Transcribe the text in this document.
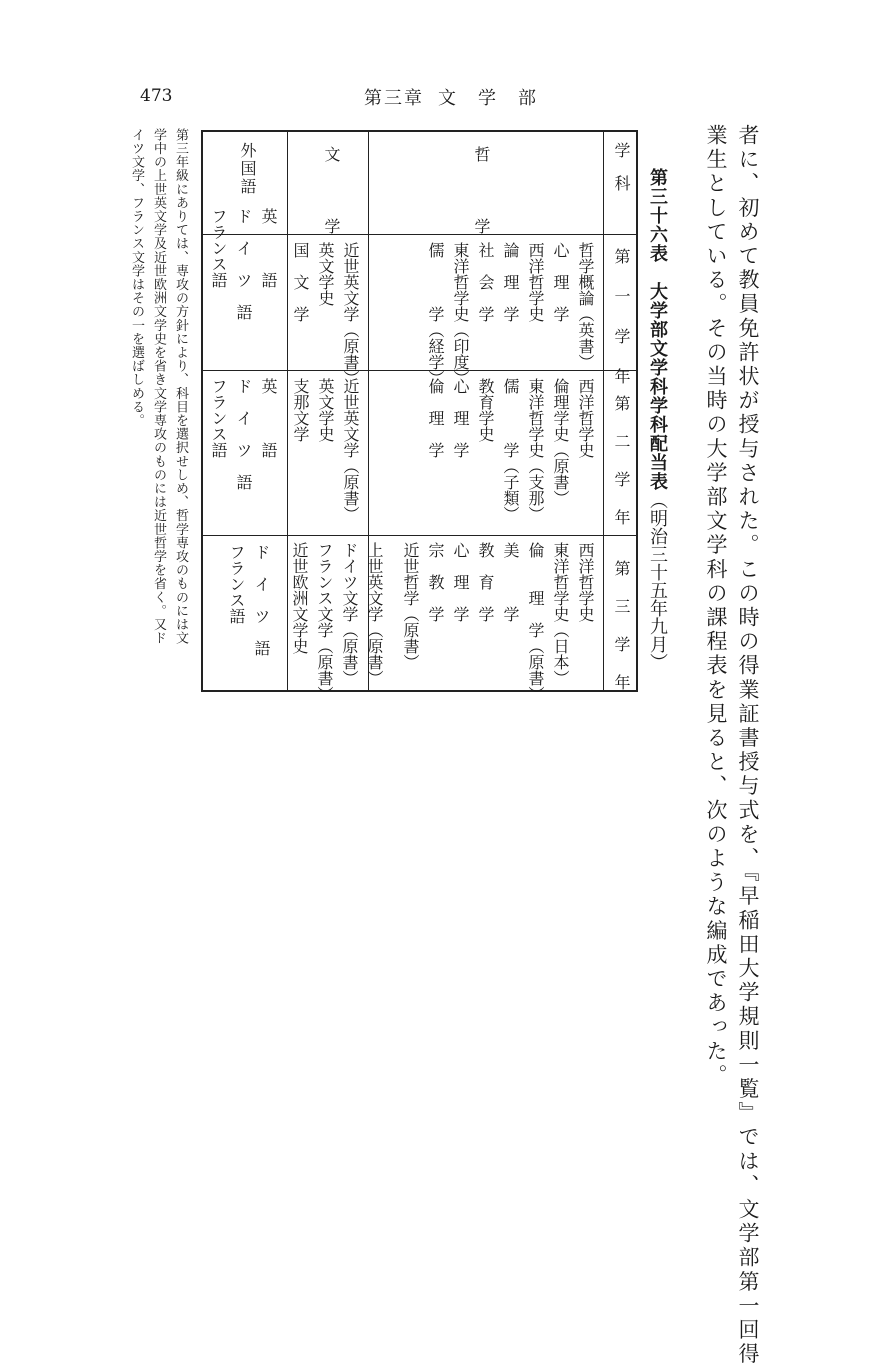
473	第三章 文　学　部
者に、初めて教員免許状が授与された。この時の得業証書授与式を、『早稲田大学規則一覧』では、文学部第一回得
業生としている。その当時の大学部文学科の課程表を見ると、次のような編成であった。
第三十六表　大学部文学科学科配当表（明治三十五年九月）
学　科
第　一　学　年
第　二　学　年
第　三　学　年
哲　　学
文　　学
外国語
哲学概論（英書）
心　理　学
西洋哲学史
論　理　学
社　会　学
東洋哲学史（印度）
儒　　　学（経学）
西洋哲学史
倫理学史（原書）
東洋哲学史（支那）
儒　　　学（子類）
教育学史
心　理　学
倫　理　学
西洋哲学史
東洋哲学史（日本）
倫　　理　学（原書）
美　　　学
教　育　学
心　理　学
宗　教　学
近世哲学（原書）
近世英文学（原書）
英文学史
国　文　学
近世英文学（原書）
英文学史
支那文学
上世英文学（原書）
ドイツ文学（原書）
フランス文学（原書）
近世欧洲文学史
英　　　語
ド　イ　ツ　語
フランス語
英　　　語
ド　イ　ツ　語
フランス語
ド　イ　ツ　語
フランス語
第三年級にありては、専攻の方針により、科目を選択せしめ、哲学専攻のものには文
学中の上世英文学及近世欧洲文学史を省き文学専攻のものには近世哲学を省く。又ド
イツ文学、フランス文学はその一を選ばしめる。
